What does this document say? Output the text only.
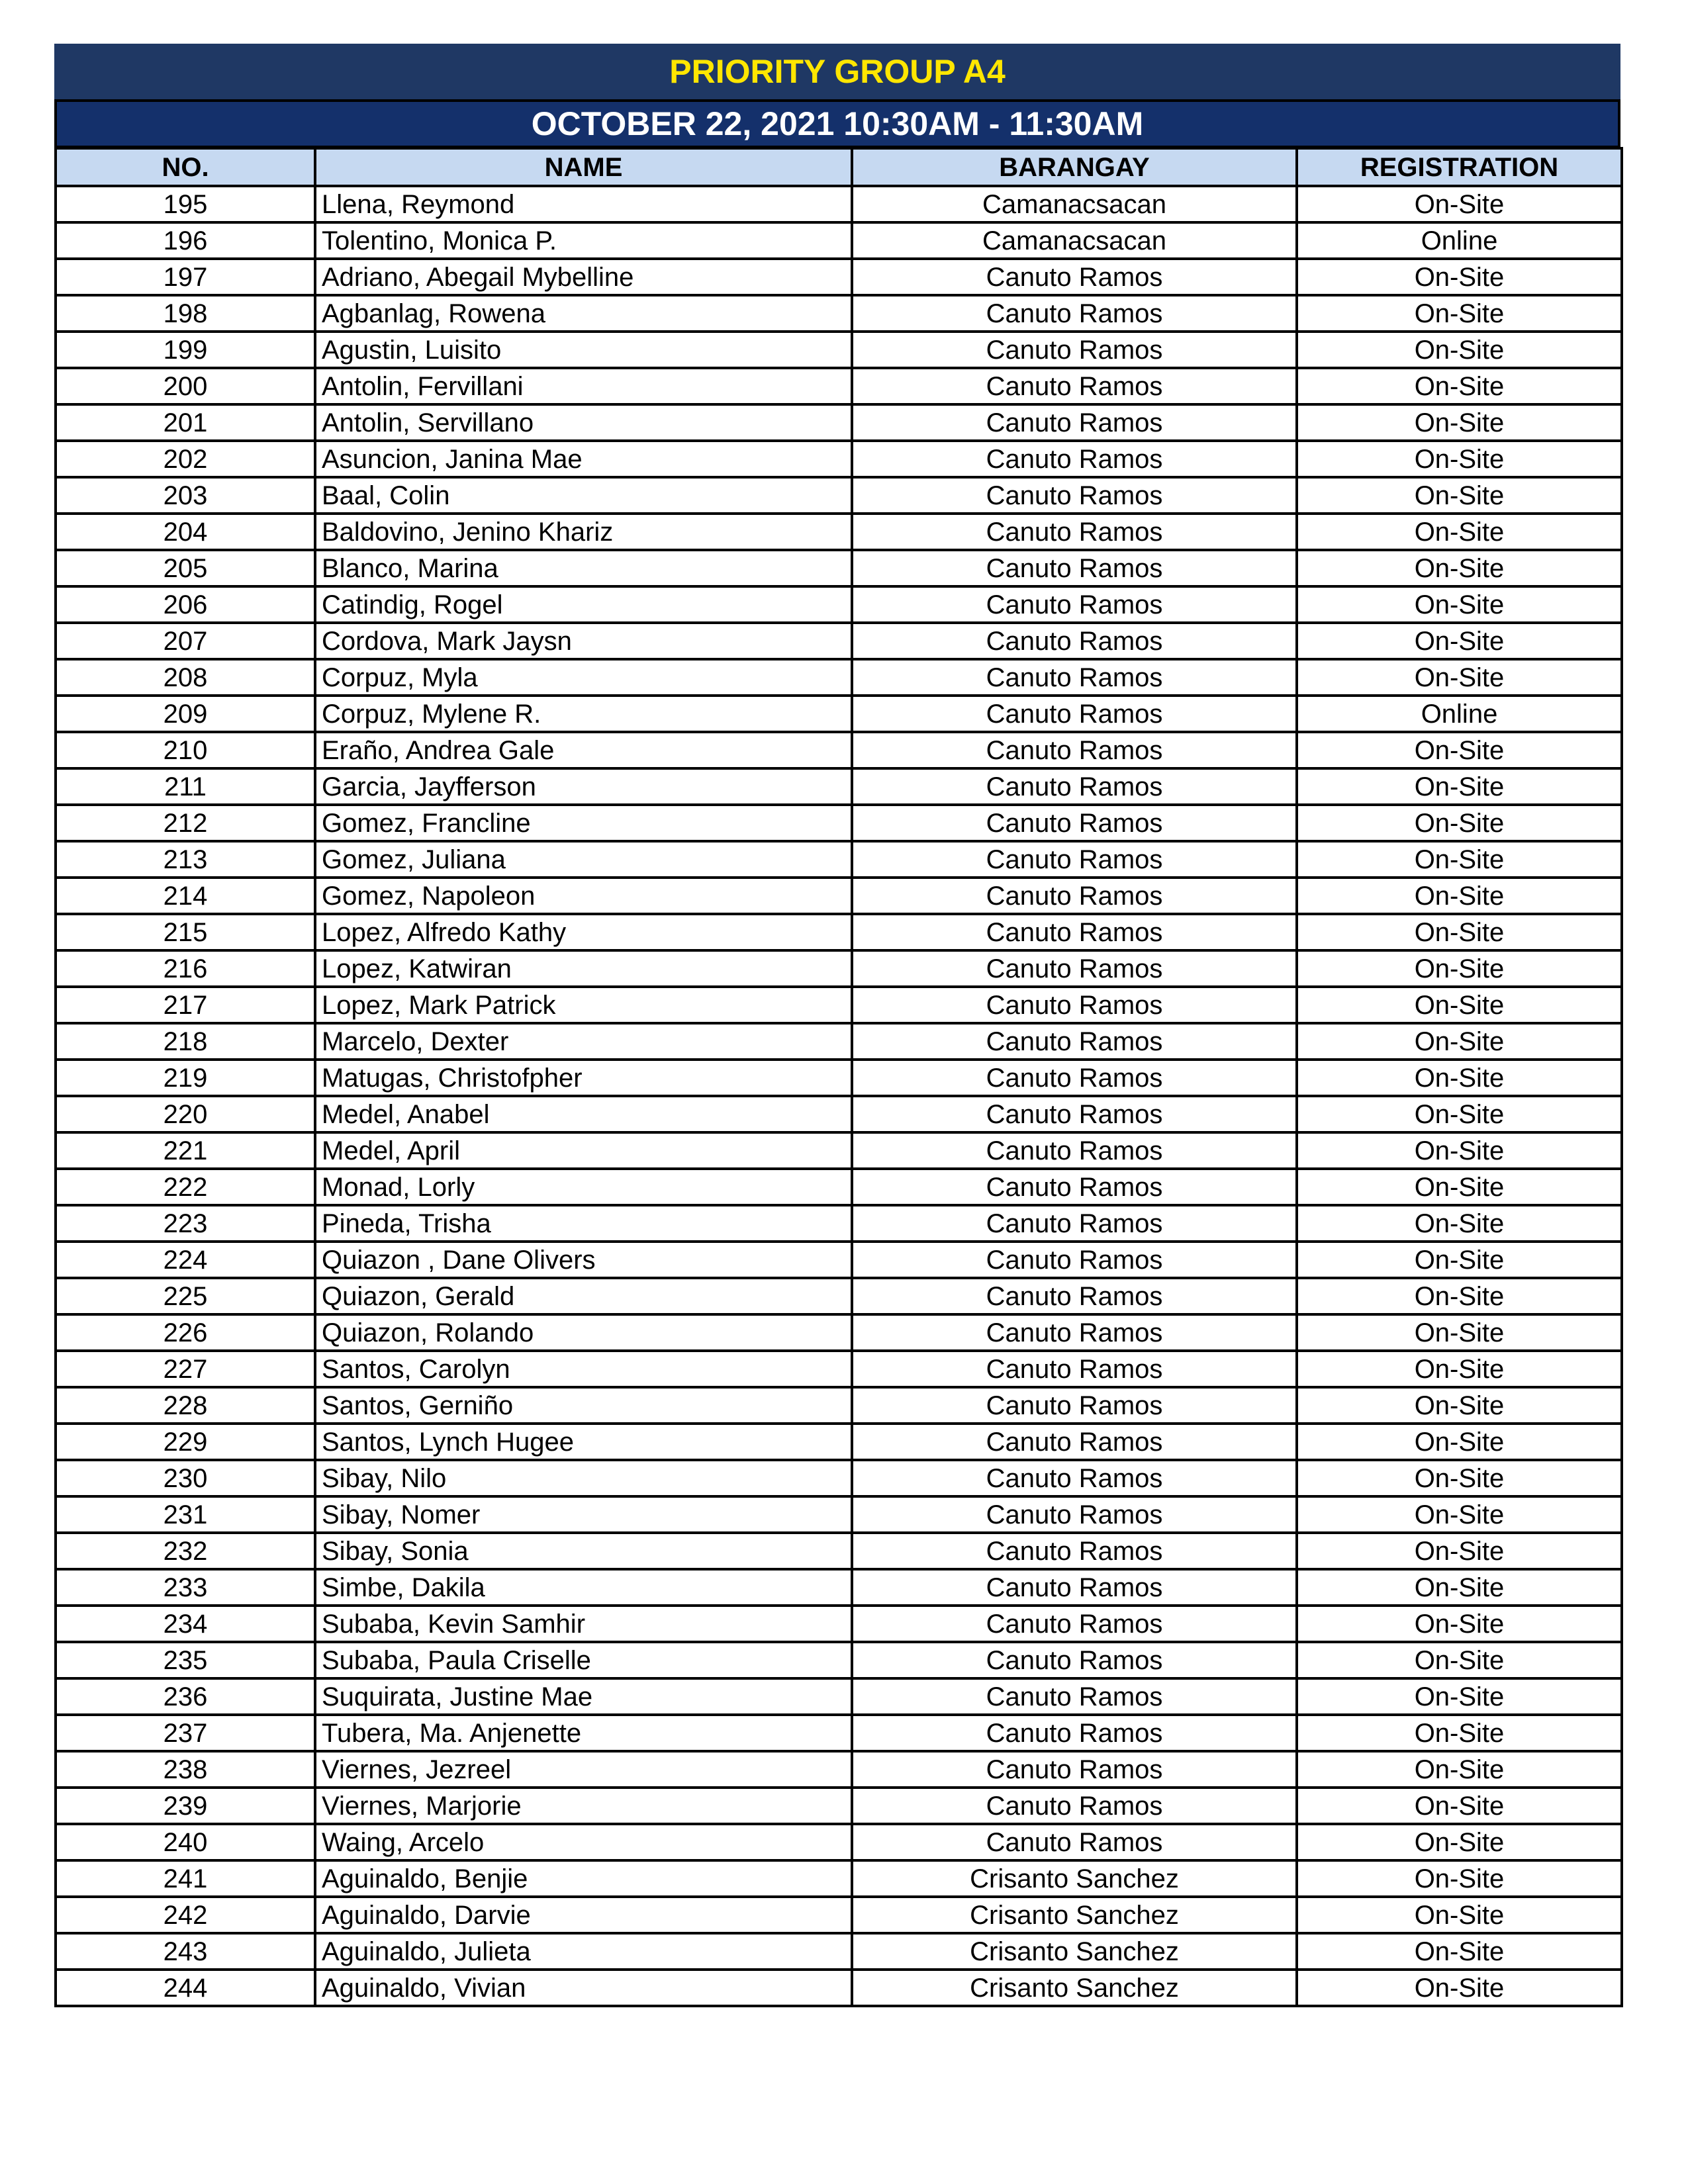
PRIORITY GROUP A4
OCTOBER 22, 2021 10:30AM - 11:30AM
NO.	NAME	BARANGAY	REGISTRATION
195	Llena, Reymond	Camanacsacan	On-Site
196	Tolentino, Monica P.	Camanacsacan	Online
197	Adriano, Abegail Mybelline	Canuto Ramos	On-Site
198	Agbanlag, Rowena	Canuto Ramos	On-Site
199	Agustin, Luisito	Canuto Ramos	On-Site
200	Antolin, Fervillani	Canuto Ramos	On-Site
201	Antolin, Servillano	Canuto Ramos	On-Site
202	Asuncion, Janina Mae	Canuto Ramos	On-Site
203	Baal, Colin	Canuto Ramos	On-Site
204	Baldovino, Jenino Khariz	Canuto Ramos	On-Site
205	Blanco, Marina	Canuto Ramos	On-Site
206	Catindig, Rogel	Canuto Ramos	On-Site
207	Cordova, Mark Jaysn	Canuto Ramos	On-Site
208	Corpuz, Myla	Canuto Ramos	On-Site
209	Corpuz, Mylene R.	Canuto Ramos	Online
210	Eraño, Andrea Gale	Canuto Ramos	On-Site
211	Garcia, Jayfferson	Canuto Ramos	On-Site
212	Gomez, Francline	Canuto Ramos	On-Site
213	Gomez, Juliana	Canuto Ramos	On-Site
214	Gomez, Napoleon	Canuto Ramos	On-Site
215	Lopez, Alfredo Kathy	Canuto Ramos	On-Site
216	Lopez, Katwiran	Canuto Ramos	On-Site
217	Lopez, Mark Patrick	Canuto Ramos	On-Site
218	Marcelo, Dexter	Canuto Ramos	On-Site
219	Matugas, Christofpher	Canuto Ramos	On-Site
220	Medel, Anabel	Canuto Ramos	On-Site
221	Medel, April	Canuto Ramos	On-Site
222	Monad, Lorly	Canuto Ramos	On-Site
223	Pineda, Trisha	Canuto Ramos	On-Site
224	Quiazon , Dane Olivers	Canuto Ramos	On-Site
225	Quiazon, Gerald	Canuto Ramos	On-Site
226	Quiazon, Rolando	Canuto Ramos	On-Site
227	Santos, Carolyn	Canuto Ramos	On-Site
228	Santos, Gerniño	Canuto Ramos	On-Site
229	Santos, Lynch Hugee	Canuto Ramos	On-Site
230	Sibay, Nilo	Canuto Ramos	On-Site
231	Sibay, Nomer	Canuto Ramos	On-Site
232	Sibay, Sonia	Canuto Ramos	On-Site
233	Simbe, Dakila	Canuto Ramos	On-Site
234	Subaba, Kevin Samhir	Canuto Ramos	On-Site
235	Subaba, Paula Criselle	Canuto Ramos	On-Site
236	Suquirata, Justine Mae	Canuto Ramos	On-Site
237	Tubera, Ma. Anjenette	Canuto Ramos	On-Site
238	Viernes, Jezreel	Canuto Ramos	On-Site
239	Viernes, Marjorie	Canuto Ramos	On-Site
240	Waing, Arcelo	Canuto Ramos	On-Site
241	Aguinaldo, Benjie	Crisanto Sanchez	On-Site
242	Aguinaldo, Darvie	Crisanto Sanchez	On-Site
243	Aguinaldo, Julieta	Crisanto Sanchez	On-Site
244	Aguinaldo, Vivian	Crisanto Sanchez	On-Site
